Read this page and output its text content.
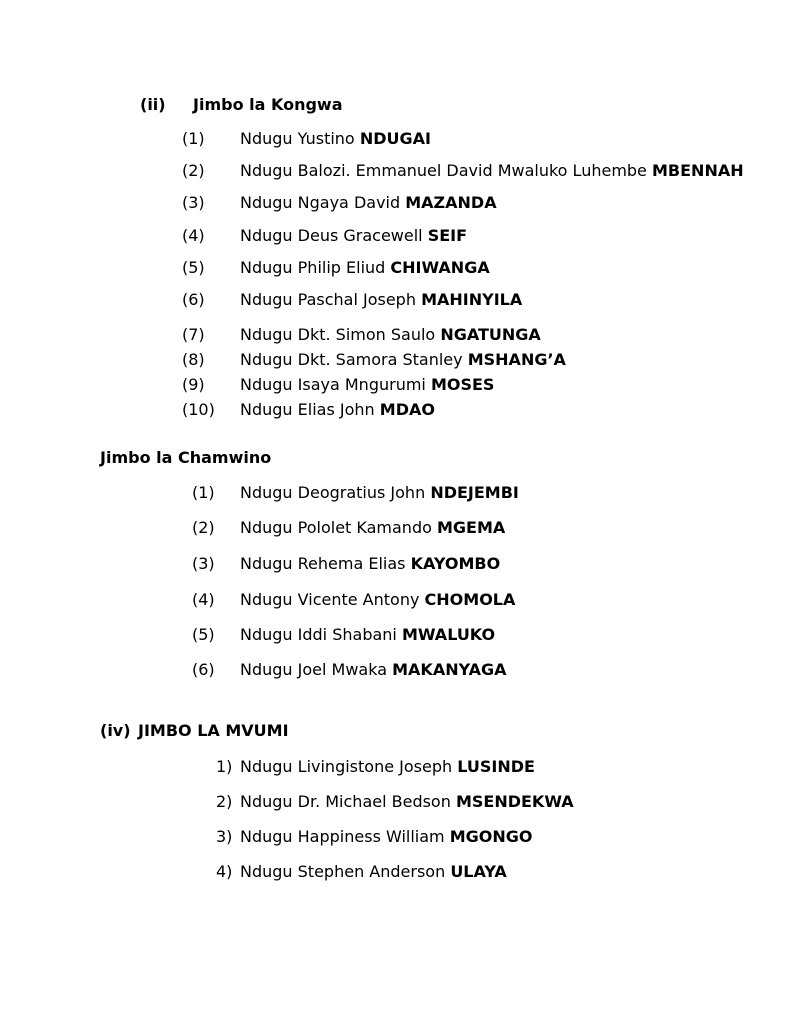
(ii) Jimbo la Kongwa
(1) Ndugu Yustino NDUGAI
(2) Ndugu Balozi. Emmanuel David Mwaluko Luhembe MBENNAH
(3) Ndugu Ngaya David MAZANDA
(4) Ndugu Deus Gracewell SEIF
(5) Ndugu Philip Eliud CHIWANGA
(6) Ndugu Paschal Joseph MAHINYILA
(7) Ndugu Dkt. Simon Saulo NGATUNGA
(8) Ndugu Dkt. Samora Stanley MSHANG’A
(9) Ndugu Isaya Mngurumi MOSES
(10) Ndugu Elias John MDAO
Jimbo la Chamwino
(1) Ndugu Deogratius John NDEJEMBI
(2) Ndugu Pololet Kamando MGEMA
(3) Ndugu Rehema Elias KAYOMBO
(4) Ndugu Vicente Antony CHOMOLA
(5) Ndugu Iddi Shabani MWALUKO
(6) Ndugu Joel Mwaka MAKANYAGA
(iv) JIMBO LA MVUMI
1) Ndugu Livingistone Joseph LUSINDE
2) Ndugu Dr. Michael Bedson MSENDEKWA
3) Ndugu Happiness William MGONGO
4) Ndugu Stephen Anderson ULAYA
